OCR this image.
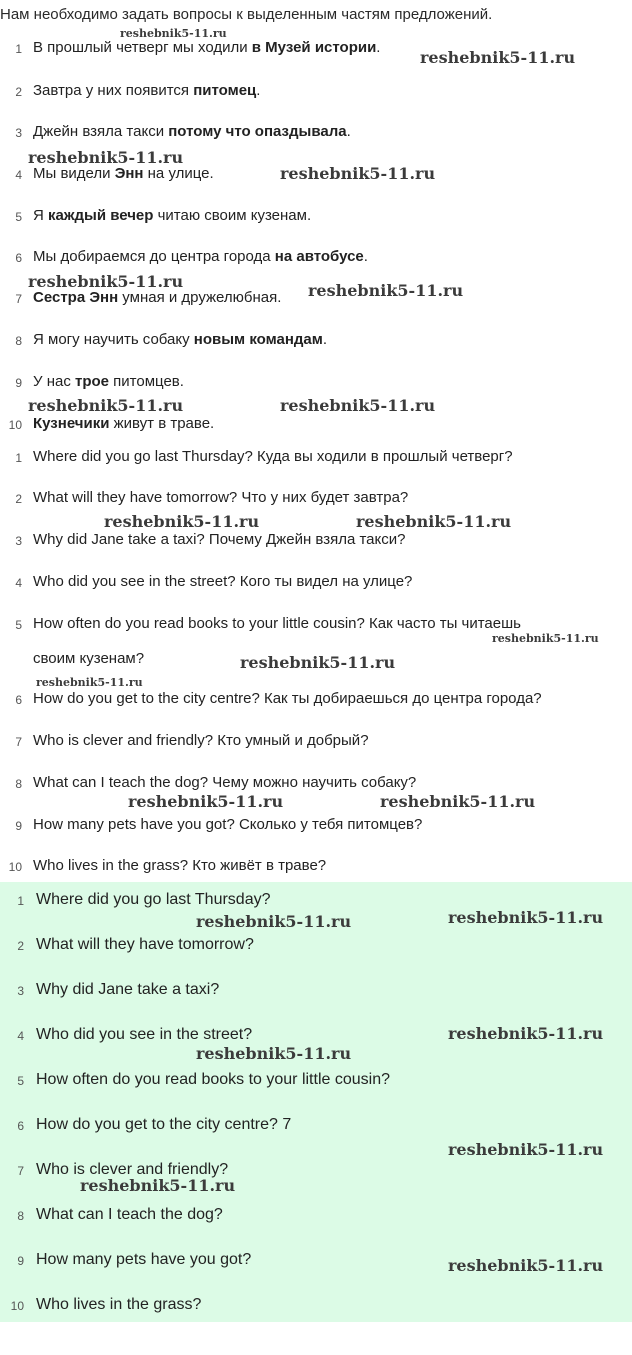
Нам необходимо задать вопросы к выделенным частям предложений.
1 В прошлый четверг мы ходили в Музей истории.
2 Завтра у них появится питомец.
3 Джейн взяла такси потому что опаздывала.
4 Мы видели Энн на улице.
5 Я каждый вечер читаю своим кузенам.
6 Мы добираемся до центра города на автобусе.
7 Сестра Энн умная и дружелюбная.
8 Я могу научить собаку новым командам.
9 У нас трое питомцев.
10 Кузнечики живут в траве.
1 Where did you go last Thursday? Куда вы ходили в прошлый четверг?
2 What will they have tomorrow? Что у них будет завтра?
3 Why did Jane take a taxi? Почему Джейн взяла такси?
4 Who did you see in the street? Кого ты видел на улице?
5 How often do you read books to your little cousin? Как часто ты читаешь
своим кузенам?
6 How do you get to the city centre? Как ты добираешься до центра города?
7 Who is clever and friendly? Кто умный и добрый?
8 What can I teach the dog? Чему можно научить собаку?
9 How many pets have you got? Сколько у тебя питомцев?
10 Who lives in the grass? Кто живёт в траве?
1 Where did you go last Thursday?
2 What will they have tomorrow?
3 Why did Jane take a taxi?
4 Who did you see in the street?
5 How often do you read books to your little cousin?
6 How do you get to the city centre? 7
7 Who is clever and friendly?
8 What can I teach the dog?
9 How many pets have you got?
10 Who lives in the grass?
reshebnik5-11.ru
reshebnik5-11.ru
reshebnik5-11.ru
reshebnik5-11.ru
reshebnik5-11.ru	reshebnik5-11.ru
reshebnik5-11.ru	reshebnik5-11.ru
reshebnik5-11.ru	reshebnik5-11.ru
reshebnik5-11.ru
reshebnik5-11.ru
reshebnik5-11.ru
reshebnik5-11.ru	reshebnik5-11.ru
reshebnik5-11.ru	reshebnik5-11.ru
reshebnik5-11.ru
reshebnik5-11.ru
reshebnik5-11.ru
reshebnik5-11.ru
reshebnik5-11.ru
